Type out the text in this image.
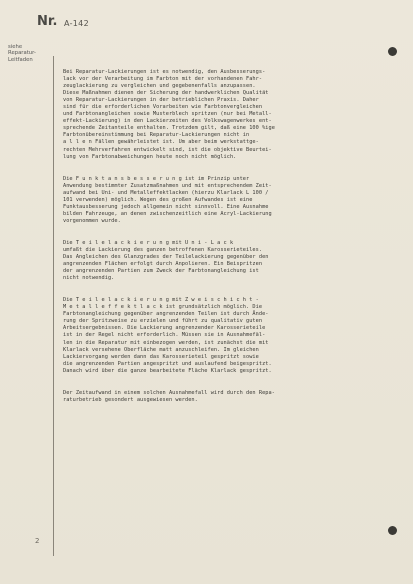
Nr. A-142
siehe
Reparatur-
Leitfaden
Bei Reparatur-Lackierungen ist es notwendig, den Ausbesserungs-
lack vor der Verarbeitung im Farbton mit der vorhandenen Fahr-
zeuglackierung zu vergleichen und gegebenenfalls anzupassen.
Diese Maßnahmen dienen der Sicherung der handwerklichen Qualität
von Reparatur-Lackierungen in der betrieblichen Praxis. Daher
sind für die erforderlichen Vorarbeiten wie Farbtonvergleichen
und Farbtonangleichen sowie Musterblech spritzen (nur bei Metall-
effekt-Lackierung) in den Lackierzeiten des Volkswagenwerkes ent-
sprechende Zeitanteile enthalten. Trotzdem gilt, daß eine 100 %ige
Farbtonübereinstimmung bei Reparatur-Lackierungen nicht in
a l l e n Fällen gewährleistet ist. Um aber beim werkstattge-
rechten Mehrverfahren entwickelt sind, ist die objektive Beurtei-
lung von Farbtonabweichungen heute noch nicht möglich.
Die F u n k t a n s b e s s e r u n g ist im Prinzip unter
Anwendung bestimmter Zusatzmaßnahmen und mit entsprechendem Zeit-
aufwand bei Uni- und Metalleffektlacken (hierzu Klarlack L 100 /
101 verwenden) möglich. Wegen des großen Aufwandes ist eine
Funktausbesserung jedoch allgemein nicht sinnvoll. Eine Ausnahme
bilden Fahrzeuge, an denen zwischenzeitlich eine Acryl-Lackierung
vorgenommen wurde.
Die T e i l e l a c k i e r u n g mit U n i - L a c k
umfaßt die Lackierung des ganzen betroffenen Karosserieteiles.
Das Angleichen des Glanzgrades der Teilelackierung gegenüber den
angrenzenden Flächen erfolgt durch Anpolieren. Ein Beispritzen
der angrenzenden Partien zum Zweck der Farbtonangleichung ist
nicht notwendig.
Die T e i l e l a c k i e r u n g mit Z w e i s c h i c h t -
M e t a l l e f f e k t l a c k ist grundsätzlich möglich. Die
Farbtonangleichung gegenüber angrenzenden Teilen ist durch Ände-
rung der Spritzweise zu erzielen und führt zu qualitativ guten
Arbeitsergebnissen. Die Lackierung angrenzender Karosserieteile
ist in der Regel nicht erforderlich. Müssen sie in Ausnahmefäl-
len in die Reparatur mit einbezogen werden, ist zunächst die mit
Klarlack versehene Oberfläche matt anzuschleifen. Im gleichen
Lackiervorgang werden dann das Karosserieteil gespritzt sowie
die angrenzenden Partien angespritzt und auslaufend beigespritzt.
Danach wird über die ganze bearbeitete Fläche Klarlack gespritzt.
Der Zeitaufwand in einem solchen Ausnahmefall wird durch den Repa-
raturbetrieb gesondert ausgewiesen werden.
2
